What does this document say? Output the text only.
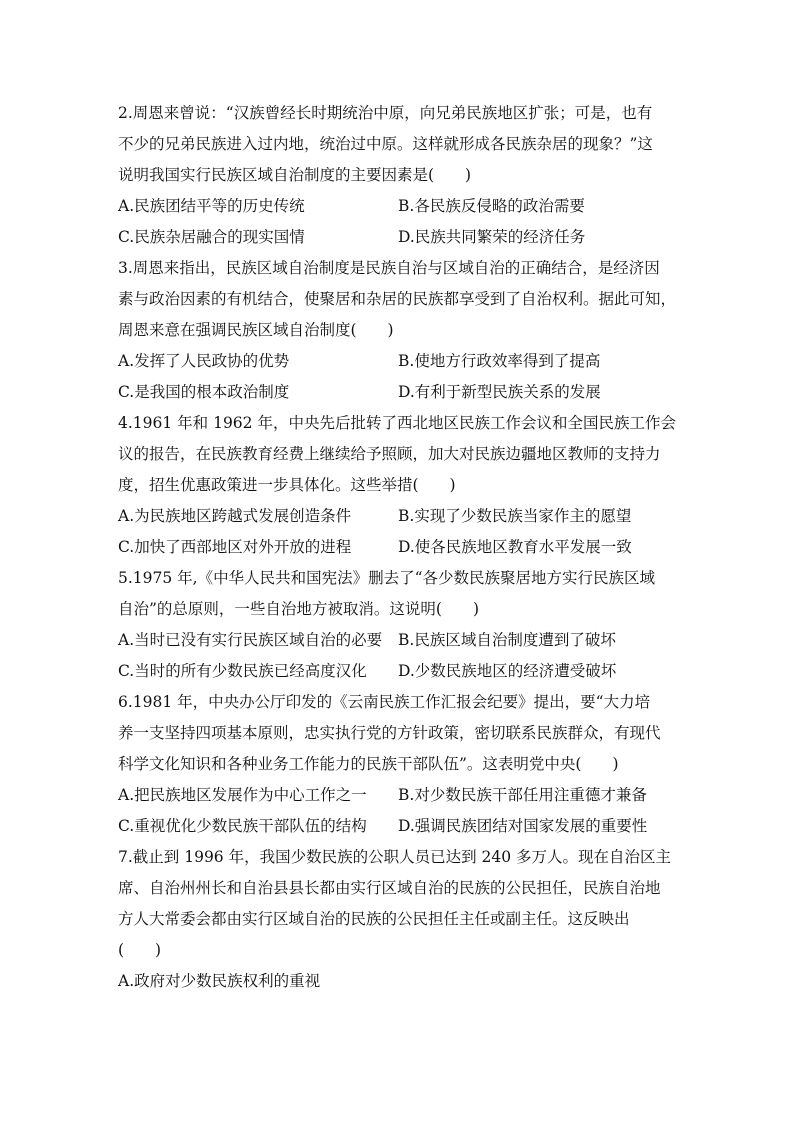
2.周恩来曾说：“汉族曾经长时期统治中原，向兄弟民族地区扩张；可是，也有
不少的兄弟民族进入过内地，统治过中原。这样就形成各民族杂居的现象？”这
说明我国实行民族区域自治制度的主要因素是(　　)

A.民族团结平等的历史传统	B.各民族反侵略的政治需要
C.民族杂居融合的现实国情	D.民族共同繁荣的经济任务

3.周恩来指出，民族区域自治制度是民族自治与区域自治的正确结合，是经济因
素与政治因素的有机结合，使聚居和杂居的民族都享受到了自治权利。据此可知，
周恩来意在强调民族区域自治制度(　　)

A.发挥了人民政协的优势	B.使地方行政效率得到了提高
C.是我国的根本政治制度	D.有利于新型民族关系的发展

4.1961 年和 1962 年，中央先后批转了西北地区民族工作会议和全国民族工作会
议的报告，在民族教育经费上继续给予照顾，加大对民族边疆地区教师的支持力
度，招生优惠政策进一步具体化。这些举措(　　)

A.为民族地区跨越式发展创造条件	B.实现了少数民族当家作主的愿望
C.加快了西部地区对外开放的进程	D.使各民族地区教育水平发展一致

5.1975 年,《中华人民共和国宪法》删去了“各少数民族聚居地方实行民族区域
自治”的总原则，一些自治地方被取消。这说明(　　)

A.当时已没有实行民族区域自治的必要	B.民族区域自治制度遭到了破坏
C.当时的所有少数民族已经高度汉化	D.少数民族地区的经济遭受破坏

6.1981 年，中央办公厅印发的《云南民族工作汇报会纪要》提出，要“大力培
养一支坚持四项基本原则，忠实执行党的方针政策，密切联系民族群众，有现代
科学文化知识和各种业务工作能力的民族干部队伍”。这表明党中央(　　)

A.把民族地区发展作为中心工作之一	B.对少数民族干部任用注重德才兼备
C.重视优化少数民族干部队伍的结构	D.强调民族团结对国家发展的重要性

7.截止到 1996 年，我国少数民族的公职人员已达到 240 多万人。现在自治区主
席、自治州州长和自治县县长都由实行区域自治的民族的公民担任，民族自治地
方人大常委会都由实行区域自治的民族的公民担任主任或副主任。这反映出
(　　)

A.政府对少数民族权利的重视
